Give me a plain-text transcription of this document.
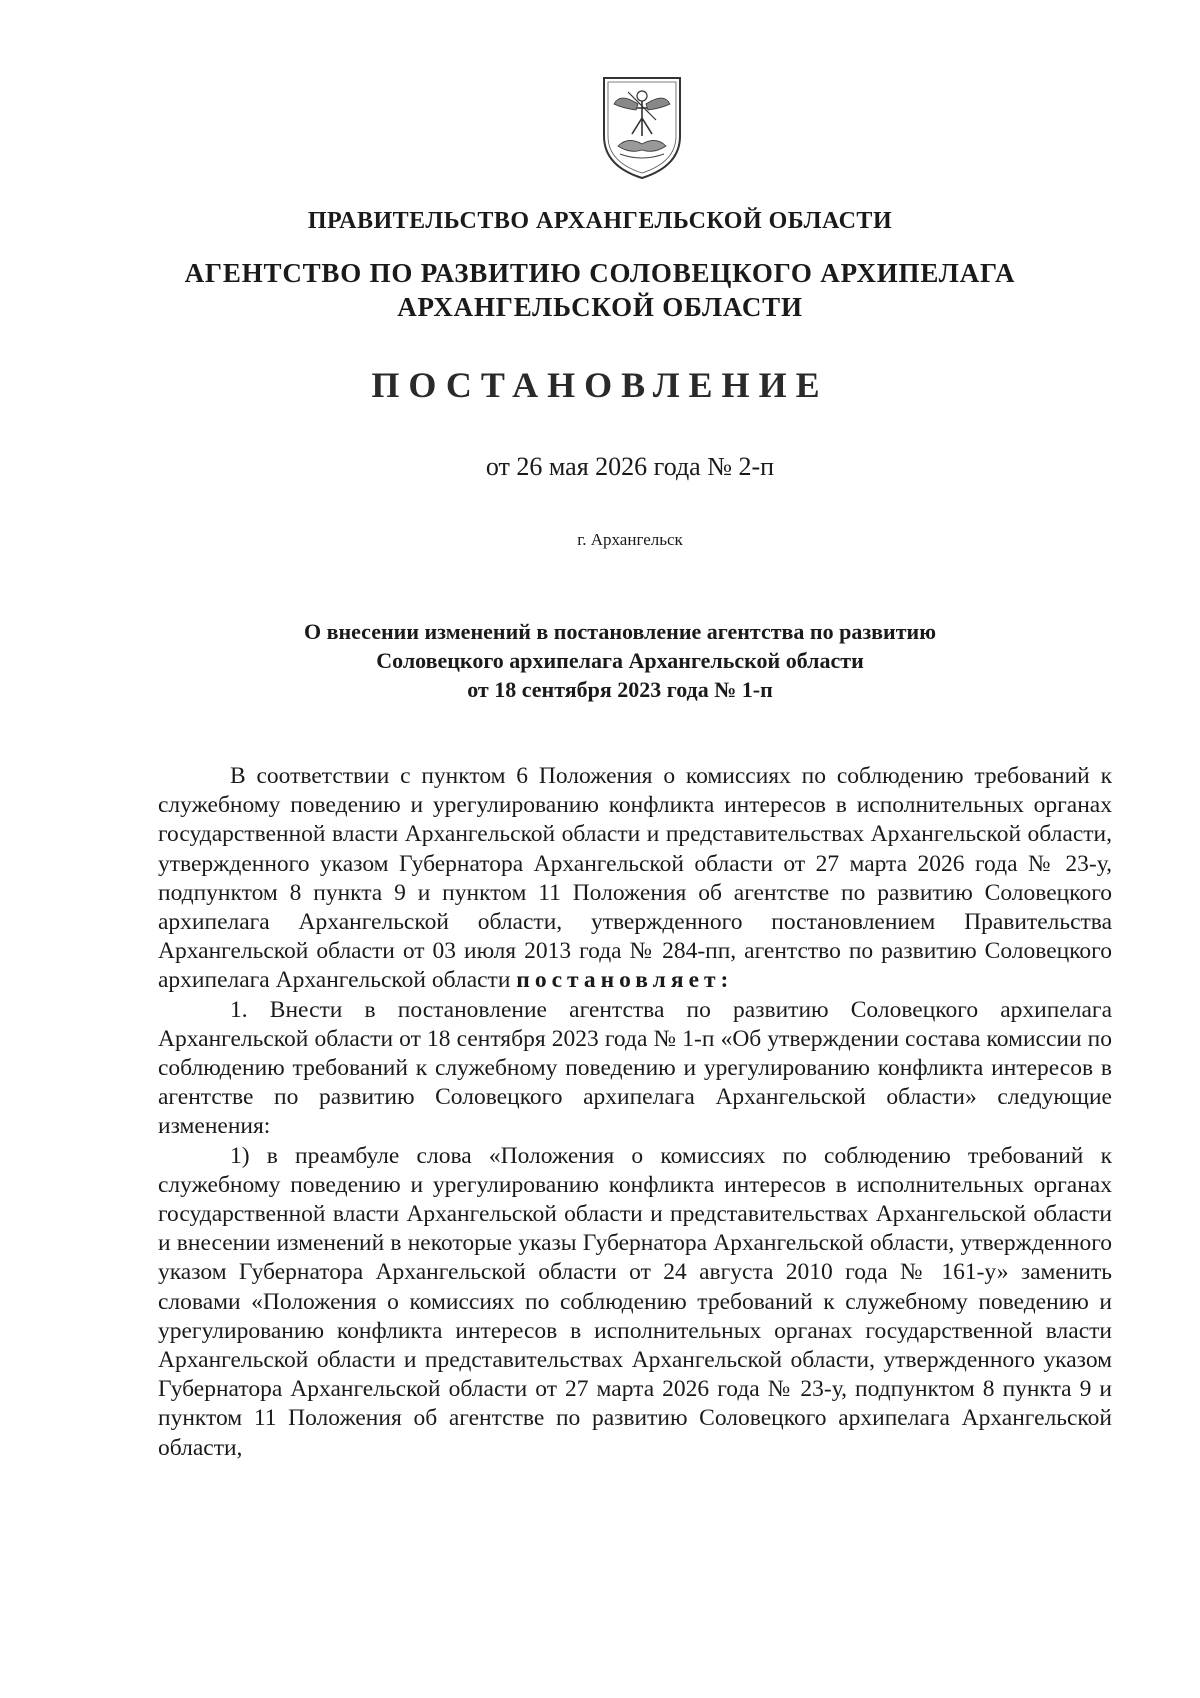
ПРАВИТЕЛЬСТВО АРХАНГЕЛЬСКОЙ ОБЛАСТИ
АГЕНТСТВО ПО РАЗВИТИЮ СОЛОВЕЦКОГО АРХИПЕЛАГА
АРХАНГЕЛЬСКОЙ ОБЛАСТИ
ПОСТАНОВЛЕНИЕ
от 26 мая 2026 года № 2-п
г. Архангельск
О внесении изменений в постановление агентства по развитию
Соловецкого архипелага Архангельской области
от 18 сентября 2023 года № 1-п

В соответствии с пунктом 6 Положения о комиссиях по соблюдению требований к служебному поведению и урегулированию конфликта интересов в исполнительных органах государственной власти Архангельской области и представительствах Архангельской области, утвержденного указом Губернатора Архангельской области от 27 марта 2026 года № 23-у, подпунктом 8 пункта 9 и пунктом 11 Положения об агентстве по развитию Соловецкого архипелага Архангельской области, утвержденного постановлением Правительства Архангельской области от 03 июля 2013 года № 284-пп, агентство по развитию Соловецкого архипелага Архангельской области постановляет:

1. Внести в постановление агентства по развитию Соловецкого архипелага Архангельской области от 18 сентября 2023 года № 1-п «Об утверждении состава комиссии по соблюдению требований к служебному поведению и урегулированию конфликта интересов в агентстве по развитию Соловецкого архипелага Архангельской области» следующие изменения:

1) в преамбуле слова «Положения о комиссиях по соблюдению требований к служебному поведению и урегулированию конфликта интересов в исполнительных органах государственной власти Архангельской области и представительствах Архангельской области и внесении изменений в некоторые указы Губернатора Архангельской области, утвержденного указом Губернатора Архангельской области от 24 августа 2010 года № 161-у» заменить словами «Положения о комиссиях по соблюдению требований к служебному поведению и урегулированию конфликта интересов в исполнительных органах государственной власти Архангельской области и представительствах Архангельской области, утвержденного указом Губернатора Архангельской области от 27 марта 2026 года № 23-у, подпунктом 8 пункта 9 и пунктом 11 Положения об агентстве по развитию Соловецкого архипелага Архангельской области,
